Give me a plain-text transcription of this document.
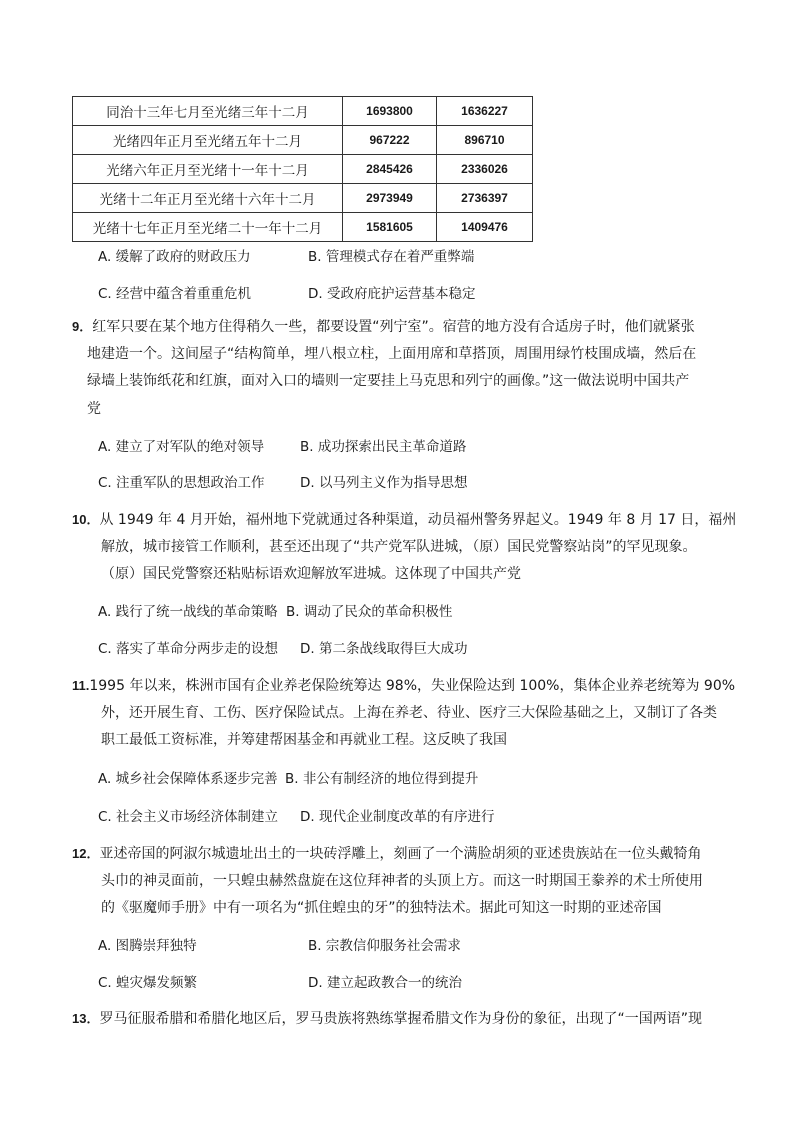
同治十三年七月至光绪三年十二月	1693800	1636227
光绪四年正月至光绪五年十二月	967222	896710
光绪六年正月至光绪十一年十二月	2845426	2336026
光绪十二年正月至光绪十六年十二月	2973949	2736397
光绪十七年正月至光绪二十一年十二月	1581605	1409476
A. 缓解了政府的财政压力	B. 管理模式存在着严重弊端
C. 经营中蕴含着重重危机	D. 受政府庇护运营基本稳定
9．红军只要在某个地方住得稍久一些，都要设置“列宁室”。宿营的地方没有合适房子时，他们就紧张
地建造一个。这间屋子“结构简单，埋八根立柱，上面用席和草搭顶，周围用绿竹枝围成墙，然后在
绿墙上装饰纸花和红旗，面对入口的墙则一定要挂上马克思和列宁的画像。”这一做法说明中国共产
党
A. 建立了对军队的绝对领导	B. 成功探索出民主革命道路
C. 注重军队的思想政治工作	D. 以马列主义作为指导思想
10．从 1949 年 4 月开始，福州地下党就通过各种渠道，动员福州警务界起义。1949 年 8 月 17 日，福州
解放，城市接管工作顺利，甚至还出现了“共产党军队进城，（原）国民党警察站岗”的罕见现象。
（原）国民党警察还粘贴标语欢迎解放军进城。这体现了中国共产党
A. 践行了统一战线的革命策略 B. 调动了民众的革命积极性
C. 落实了革命分两步走的设想 D. 第二条战线取得巨大成功
11.1995 年以来，株洲市国有企业养老保险统筹达 98%，失业保险达到 100%，集体企业养老统筹为 90%
外，还开展生育、工伤、医疗保险试点。上海在养老、待业、医疗三大保险基础之上，又制订了各类
职工最低工资标准，并筹建帮困基金和再就业工程。这反映了我国
A. 城乡社会保障体系逐步完善 B. 非公有制经济的地位得到提升
C. 社会主义市场经济体制建立 D. 现代企业制度改革的有序进行
12．亚述帝国的阿淑尔城遗址出土的一块砖浮雕上，刻画了一个满脸胡须的亚述贵族站在一位头戴犄角
头巾的神灵面前，一只蝗虫赫然盘旋在这位拜神者的头顶上方。而这一时期国王豢养的术士所使用
的《驱魔师手册》中有一项名为“抓住蝗虫的牙”的独特法术。据此可知这一时期的亚述帝国
A. 图腾崇拜独特	B. 宗教信仰服务社会需求
C. 蝗灾爆发频繁	D. 建立起政教合一的统治
13．罗马征服希腊和希腊化地区后，罗马贵族将熟练掌握希腊文作为身份的象征，出现了“一国两语”现
